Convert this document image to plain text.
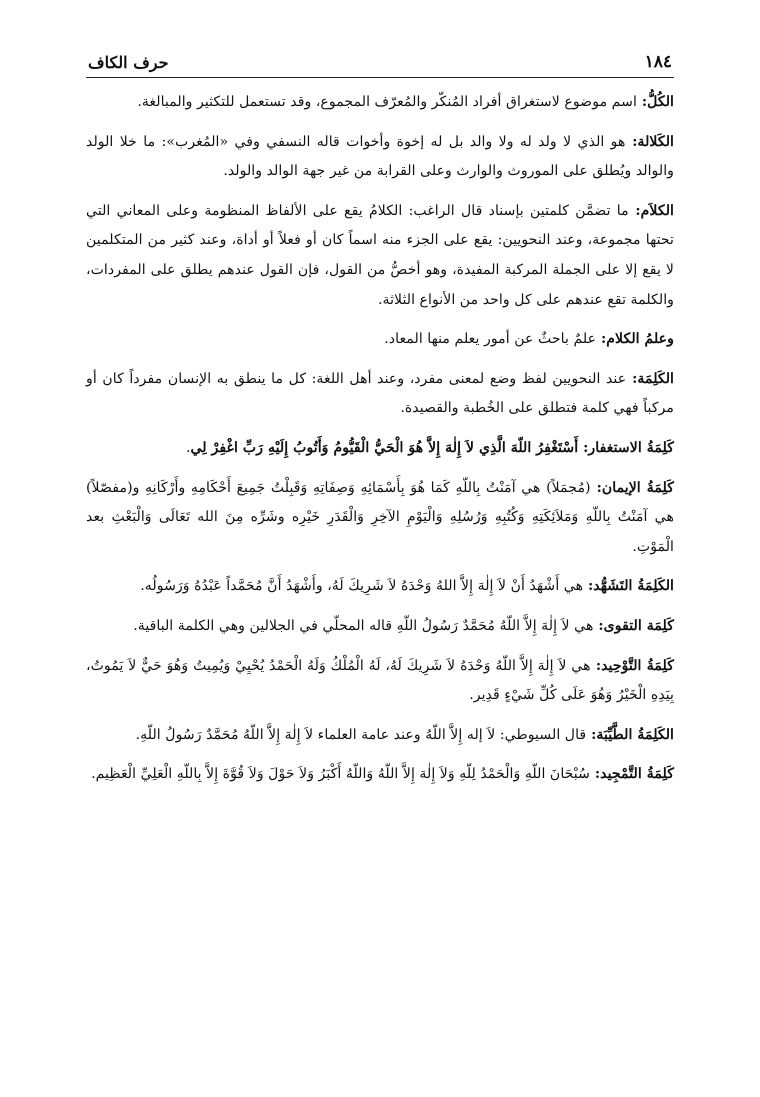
١٨٤
حرف الكاف

الكُلُّ: اسم موضوع لاستغراق أفراد المُنكّر والمُعرّف المجموع، وقد تستعمل للتكثير والمبالغة.

الكَلالة: هو الذي لا ولد له ولا والد بل له إخوة وأخوات قاله النسفي وفي «المُغرب»: ما خلا الولد والوالد ويُطلق على الموروث والوارث وعلى القرابة من غير جهة الوالد والولد.

الكلاَم: ما تضمَّن كلمتين بإسناد قال الراغب: الكلامُ يقع على الألفاظ المنظومة وعلى المعاني التي تحتها مجموعة، وعند النحويين: يقع على الجزء منه اسماً كان أو فعلاً أو أداة، وعند كثير من المتكلمين لا يقع إلا على الجملة المركبة المفيدة، وهو أخصُّ من القول، فإن القول عندهم يطلق على المفردات، والكلمة تقع عندهم على كل واحد من الأنواع الثلاثة.

وعلمُ الكلام: علمٌ باحثٌ عن أمور يعلم منها المعاد.

الكَلِمَة: عند النحويين لفظ وضع لمعنى مفرد، وعند أهل اللغة: كل ما ينطق به الإنسان مفرداً كان أو مركباً فهي كلمة فتطلق على الخُطبة والقصيدة.

كَلِمَةُ الاستغفار: أَسْتَغْفِرُ اللّهَ الَّذِي لاَ إِلٰهَ إِلاَّ هُوَ الْحَيُّ الْقَيُّومُ وَأَتُوبُ إِلَيْهِ رَبِّ اغْفِرْ لِي.

كَلِمَةُ الإيمان: (مُجمَلاً) هي آمَنْتُ بِاللّهِ كَمَا هُوَ بِأَسْمَائِهِ وَصِفَاتِهِ وَقَبِلْتُ جَمِيعَ أَحْكَامِهِ وأَرْكَانِهِ و(مفصّلاً) هي آمَنْتُ بِاللّهِ وَمَلاَئِكَتِهِ وَكُتُبِهِ وَرُسُلِهِ وَالْيَوْمِ الآخِرِ وَالْقَدَرِ خَيْرِه وشَرِّه مِنَ الله تَعَالَى وَالْبَعْثِ بعد الْمَوْتِ.

الكَلِمَةُ التَشَهُّد: هي أَشْهَدُ أَنْ لاَ إِلٰهَ إِلاَّ اللهُ وَحْدَهُ لاَ شَرِيكَ لَهُ، وأَشْهَدُ أَنَّ مُحَمَّداً عَبْدُهُ وَرَسُولُه.

كَلِمَة التقوى: هي لاَ إِلٰهَ إِلاَّ اللّهُ مُحَمَّدٌ رَسُولُ اللّهِ قاله المحلّي في الجلالين وهي الكلمة الباقية.

كَلِمَةُ التَّوْحِيد: هي لاَ إِلٰهَ إِلاَّ اللّهُ وَحْدَهُ لاَ شَرِيكَ لَهُ، لَهُ الْمُلْكُ وَلَهُ الْحَمْدُ يُحْيِيْ وَيُمِيتُ وَهُوَ حَيٌّ لاَ يَمُوتُ، بِيَدِهِ الْخَيْرُ وَهُوَ عَلَى كُلِّ شَيْءٍ قَدِير.

الكَلِمَةُ الطَّيِّبَة: قال السيوطي: لاَ إله إِلاَّ اللّهُ وعند عامة العلماء لاَ إِلٰهَ إِلاَّ اللّهُ مُحَمَّدٌ رَسُولُ اللّهِ.

كَلِمَةُ التَّمْجِيد: سُبْحَانَ اللّهِ وَالْحَمْدُ لِلّهِ وَلاَ إِلٰهَ إِلاَّ اللّهُ وَاللّهُ أَكْبَرُ وَلاَ حَوْلَ وَلاَ قُوَّةَ إِلاَّ بِاللّهِ الْعَلِيِّ الْعَظِيم.
